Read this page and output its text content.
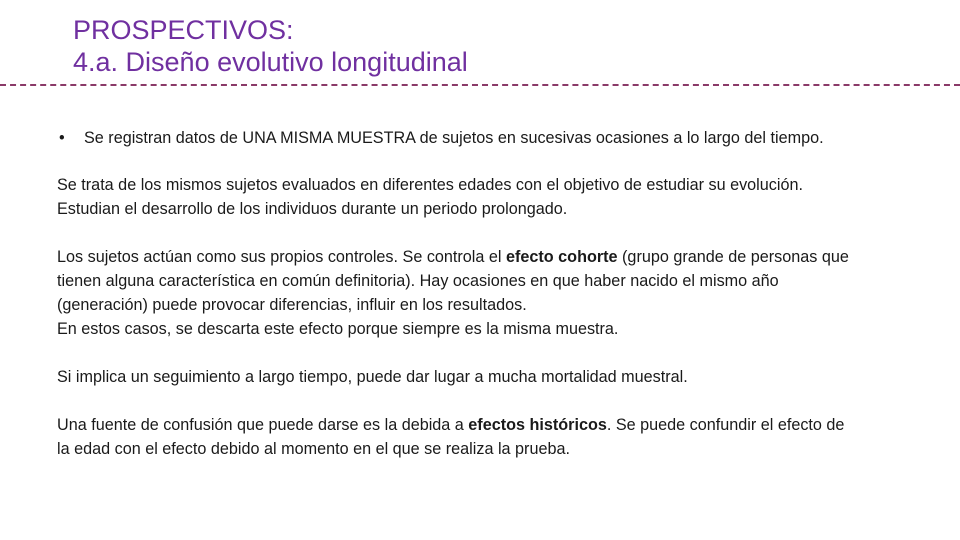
PROSPECTIVOS:
4.a. Diseño evolutivo longitudinal
•	Se registran datos de UNA MISMA MUESTRA de sujetos en sucesivas ocasiones a lo largo del tiempo.

Se trata de los mismos sujetos evaluados en diferentes edades con el objetivo de estudiar su evolución. Estudian el desarrollo de los individuos durante un periodo prolongado.

Los sujetos actúan como sus propios controles. Se controla el efecto cohorte (grupo grande de personas que tienen alguna característica en común definitoria). Hay ocasiones en que haber nacido el mismo año (generación) puede provocar diferencias, influir en los resultados.
En estos casos, se descarta este efecto porque siempre es la misma muestra.

Si implica un seguimiento a largo tiempo, puede dar lugar a mucha mortalidad muestral.

Una fuente de confusión que puede darse es la debida a efectos históricos. Se puede confundir el efecto de la edad con el efecto debido al momento en el que se realiza la prueba.
